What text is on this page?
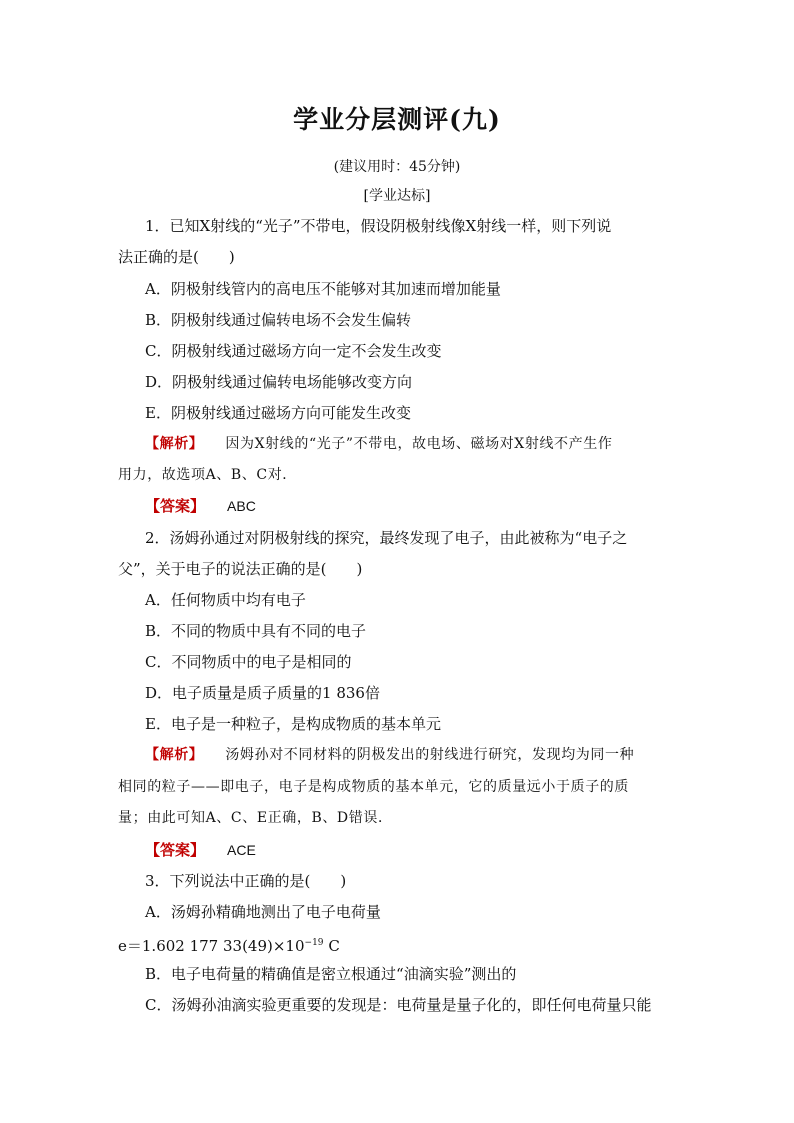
学业分层测评(九)
(建议用时：45分钟)
[学业达标]
1．已知X射线的“光子”不带电，假设阴极射线像X射线一样，则下列说
法正确的是(　　)
A．阴极射线管内的高电压不能够对其加速而增加能量
B．阴极射线通过偏转电场不会发生偏转
C．阴极射线通过磁场方向一定不会发生改变
D．阴极射线通过偏转电场能够改变方向
E．阴极射线通过磁场方向可能发生改变
【解析】 因为X射线的“光子”不带电，故电场、磁场对X射线不产生作
用力，故选项A、B、C对．
【答案】 ABC
2．汤姆孙通过对阴极射线的探究，最终发现了电子，由此被称为“电子之
父”，关于电子的说法正确的是(　　)
A．任何物质中均有电子
B．不同的物质中具有不同的电子
C．不同物质中的电子是相同的
D．电子质量是质子质量的1 836倍
E．电子是一种粒子，是构成物质的基本单元
【解析】 汤姆孙对不同材料的阴极发出的射线进行研究，发现均为同一种
相同的粒子——即电子，电子是构成物质的基本单元，它的质量远小于质子的质
量；由此可知A、C、E正确，B、D错误．
【答案】 ACE
3．下列说法中正确的是(　　)
A．汤姆孙精确地测出了电子电荷量
e＝1.602 177 $33(49)\times 10^{-19}$ C
B．电子电荷量的精确值是密立根通过“油滴实验”测出的
C．汤姆孙油滴实验更重要的发现是：电荷量是量子化的，即任何电荷量只能
